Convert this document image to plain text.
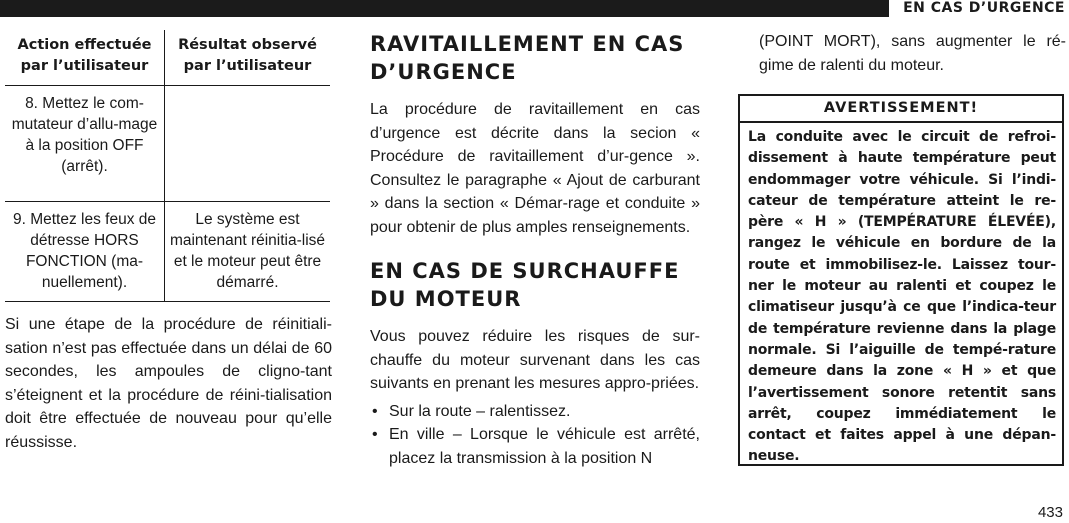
EN CAS D’URGENCE
Action effectuée par l’utilisateur	Résultat observé par l’utilisateur
8. Mettez le com-mutateur d’allu-mage à la position OFF (arrêt).	
9. Mettez les feux de détresse HORS FONCTION (ma-nuellement).	Le système est maintenant réinitia-lisé et le moteur peut être démarré.

Si une étape de la procédure de réinitiali-sation n’est pas effectuée dans un délai de 60 secondes, les ampoules de cligno-tant s’éteignent et la procédure de réini-tialisation doit être effectuée de nouveau pour qu’elle réussisse.

RAVITAILLEMENT EN CAS D’URGENCE

La procédure de ravitaillement en cas d’urgence est décrite dans la secion « Procédure de ravitaillement d’ur-gence ». Consultez le paragraphe « Ajout de carburant » dans la section « Démar-rage et conduite » pour obtenir de plus amples renseignements.

EN CAS DE SURCHAUFFE DU MOTEUR

Vous pouvez réduire les risques de sur-chauffe du moteur survenant dans les cas suivants en prenant les mesures appro-priées.

• Sur la route – ralentissez.
• En ville – Lorsque le véhicule est arrêté, placez la transmission à la position N

(POINT MORT), sans augmenter le ré-gime de ralenti du moteur.

AVERTISSEMENT!
La conduite avec le circuit de refroi-dissement à haute température peut endommager votre véhicule. Si l’indi-cateur de température atteint le re-père « H » (TEMPÉRATURE ÉLEVÉE), rangez le véhicule en bordure de la route et immobilisez-le. Laissez tour-ner le moteur au ralenti et coupez le climatiseur jusqu’à ce que l’indica-teur de température revienne dans la plage normale. Si l’aiguille de tempé-rature demeure dans la zone « H » et que l’avertissement sonore retentit sans arrêt, coupez immédiatement le contact et faites appel à une dépan-neuse.
433
